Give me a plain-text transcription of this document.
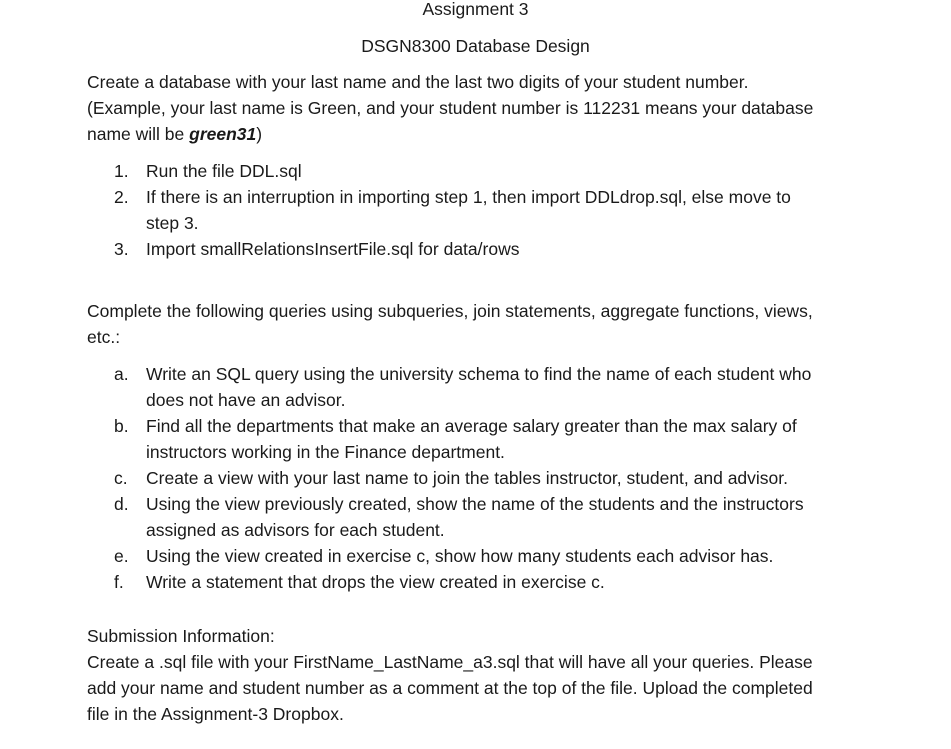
Assignment 3
DSGN8300 Database Design
Create a database with your last name and the last two digits of your student number.
(Example, your last name is Green, and your student number is 112231 means your database
name will be green31)
1. Run the file DDL.sql
2. If there is an interruption in importing step 1, then import DDLdrop.sql, else move to
step 3.
3. Import smallRelationsInsertFile.sql for data/rows
Complete the following queries using subqueries, join statements, aggregate functions, views,
etc.:
a. Write an SQL query using the university schema to find the name of each student who
does not have an advisor.
b. Find all the departments that make an average salary greater than the max salary of
instructors working in the Finance department.
c.	Create a view with your last name to join the tables instructor, student, and advisor.
d. Using the view previously created, show the name of the students and the instructors
assigned as advisors for each student.
e. Using the view created in exercise c, show how many students each advisor has.
f.	Write a statement that drops the view created in exercise c.
Submission Information:
Create a .sql file with your FirstName_LastName_a3.sql that will have all your queries. Please
add your name and student number as a comment at the top of the file. Upload the completed
file in the Assignment-3 Dropbox.
